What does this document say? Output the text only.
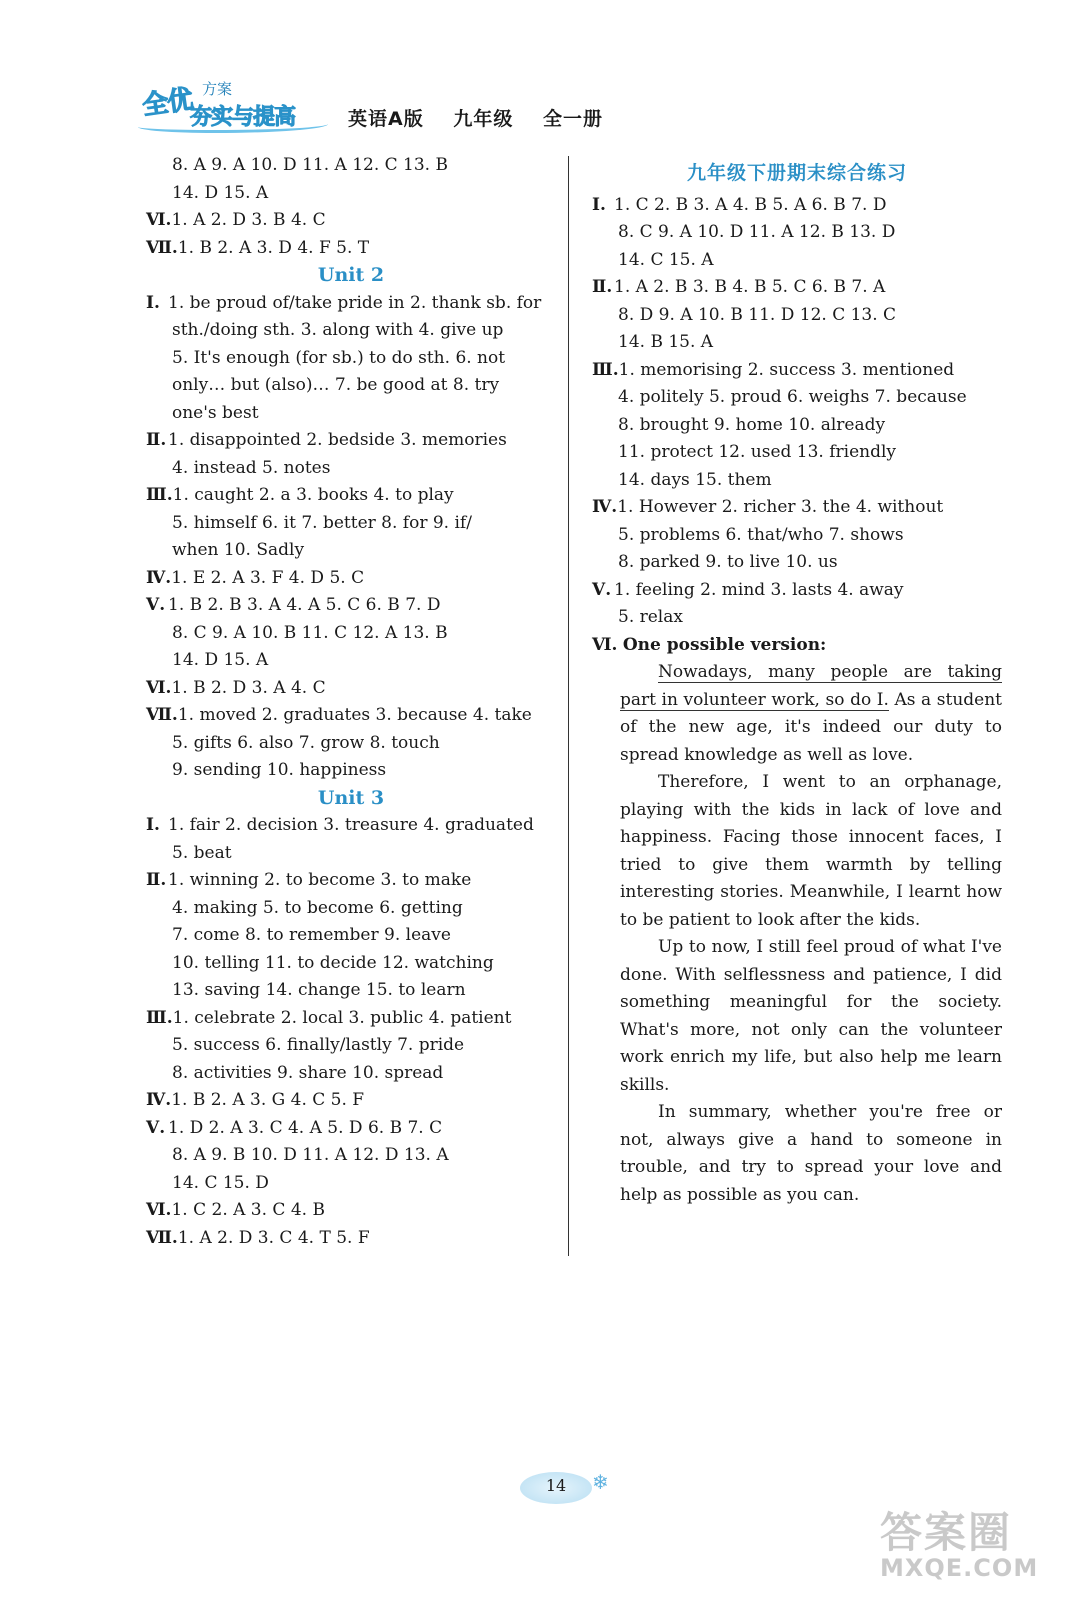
全优 方案
夯实与提高	英语A版 九年级 全一册
8. A 9. A 10. D 11. A 12. C 13. B
14. D 15. A
Ⅵ.1. A 2. D 3. B 4. C
Ⅶ.1. B 2. A 3. D 4. F 5. T
Unit 2
Ⅰ. 1. be proud of/take pride in 2. thank sb. for
sth./doing sth. 3. along with 4. give up
5. It's enough (for sb.) to do sth. 6. not
only… but (also)… 7. be good at 8. try
one's best
Ⅱ. 1. disappointed 2. bedside 3. memories
4. instead 5. notes
Ⅲ.1. caught 2. a 3. books 4. to play
5. himself 6. it 7. better 8. for 9. if/
when 10. Sadly
Ⅳ.1. E 2. A 3. F 4. D 5. C
Ⅴ. 1. B 2. B 3. A 4. A 5. C 6. B 7. D
8. C 9. A 10. B 11. C 12. A 13. B
14. D 15. A
Ⅵ.1. B 2. D 3. A 4. C
Ⅶ.1. moved 2. graduates 3. because 4. take
5. gifts 6. also 7. grow 8. touch
9. sending 10. happiness
Unit 3
Ⅰ. 1. fair 2. decision 3. treasure 4. graduated
5. beat
Ⅱ. 1. winning 2. to become 3. to make
4. making 5. to become 6. getting
7. come 8. to remember 9. leave
10. telling 11. to decide 12. watching
13. saving 14. change 15. to learn
Ⅲ.1. celebrate 2. local 3. public 4. patient
5. success 6. finally/lastly 7. pride
8. activities 9. share 10. spread
Ⅳ.1. B 2. A 3. G 4. C 5. F
Ⅴ. 1. D 2. A 3. C 4. A 5. D 6. B 7. C
8. A 9. B 10. D 11. A 12. D 13. A
14. C 15. D
Ⅵ.1. C 2. A 3. C 4. B
Ⅶ.1. A 2. D 3. C 4. T 5. F
九年级下册期末综合练习
Ⅰ. 1. C 2. B 3. A 4. B 5. A 6. B 7. D
8. C 9. A 10. D 11. A 12. B 13. D
14. C 15. A
Ⅱ. 1. A 2. B 3. B 4. B 5. C 6. B 7. A
8. D 9. A 10. B 11. D 12. C 13. C
14. B 15. A
Ⅲ.1. memorising 2. success 3. mentioned
4. politely 5. proud 6. weighs 7. because
8. brought 9. home 10. already
11. protect 12. used 13. friendly
14. days 15. them
Ⅳ.1. However 2. richer 3. the 4. without
5. problems 6. that/who 7. shows
8. parked 9. to live 10. us
Ⅴ. 1. feeling 2. mind 3. lasts 4. away
5. relax
Ⅵ. One possible version:
Nowadays, many people are taking part in volunteer work, so do I. As a student of the new age, it's indeed our duty to spread knowledge as well as love.
Therefore, I went to an orphanage, playing with the kids in lack of love and happiness. Facing those innocent faces, I tried to give them warmth by telling interesting stories. Meanwhile, I learnt how to be patient to look after the kids.
Up to now, I still feel proud of what I've done. With selflessness and patience, I did something meaningful for the society. What's more, not only can the volunteer work enrich my life, but also help me learn skills.
In summary, whether you're free or not, always give a hand to someone in trouble, and try to spread your love and help as possible as you can.
14	❄
答案圈
MXQE.COM
